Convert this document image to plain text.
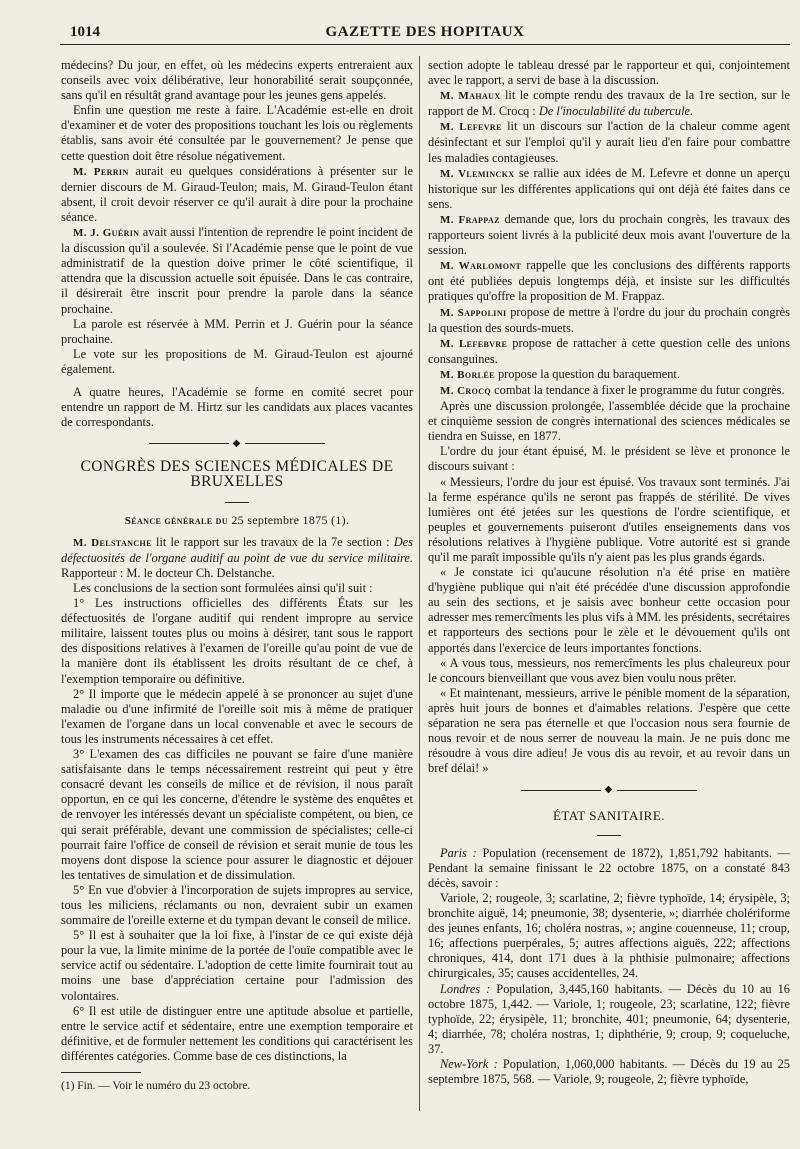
1014	GAZETTE DES HOPITAUX

médecins? Du jour, en effet, où les médecins experts entreraient aux conseils avec voix délibérative, leur honorabilité serait soupçonnée, sans qu'il en résultât grand avantage pour les jeunes gens appelés.

Enfin une question me reste à faire. L'Académie est-elle en droit d'examiner et de voter des propositions touchant les lois ou règlements établis, sans avoir été consultée par le gouvernement? Je pense que cette question doit être résolue négativement.

M. Perrin aurait eu quelques considérations à présenter sur le dernier discours de M. Giraud-Teulon; mais, M. Giraud-Teulon étant absent, il croit devoir réserver ce qu'il aurait à dire pour la prochaine séance.

M. J. Guérin avait aussi l'intention de reprendre le point incident de la discussion qu'il a soulevée. Si l'Académie pense que le point de vue administratif de la question doive primer le côté scientifique, il attendra que la discussion actuelle soit épuisée. Dans le cas contraire, il désirerait être inscrit pour prendre la parole dans la séance prochaine.

La parole est réservée à MM. Perrin et J. Guérin pour la séance prochaine.

Le vote sur les propositions de M. Giraud-Teulon est ajourné également.

A quatre heures, l'Académie se forme en comité secret pour entendre un rapport de M. Hirtz sur les candidats aux places vacantes de correspondants.

◆
CONGRÈS DES SCIENCES MÉDICALES DE BRUXELLES
Séance générale du 25 septembre 1875 (1).

M. Delstanche lit le rapport sur les travaux de la 7e section : Des défectuosités de l'organe auditif au point de vue du service militaire. Rapporteur : M. le docteur Ch. Delstanche.

Les conclusions de la section sont formulées ainsi qu'il suit :

1° Les instructions officielles des différents États sur les défectuosités de l'organe auditif qui rendent impropre au service militaire, laissent toutes plus ou moins à désirer, tant sous le rapport des dispositions relatives à l'examen de l'oreille qu'au point de vue de la manière dont ils établissent les droits résultant de ce chef, à l'exemption temporaire ou définitive.

2° Il importe que le médecin appelé à se prononcer au sujet d'une maladie ou d'une infirmité de l'oreille soit mis à même de pratiquer l'examen de l'organe dans un local convenable et avec le secours de tous les instruments nécessaires à cet effet.

3° L'examen des cas difficiles ne pouvant se faire d'une manière satisfaisante dans le temps nécessairement restreint qui peut y être consacré devant les conseils de milice et de révision, il nous paraît opportun, en ce qui les concerne, d'étendre le système des enquêtes et de renvoyer les intéressés devant un spécialiste compétent, ou bien, ce qui serait préférable, devant une commission de spécialistes; celle-ci pourrait faire l'office de conseil de révision et serait munie de tous les moyens dont dispose la science pour assurer le diagnostic et déjouer les tentatives de simulation et de dissimulation.

5° En vue d'obvier à l'incorporation de sujets impropres au service, tous les miliciens, réclamants ou non, devraient subir un examen sommaire de l'oreille externe et du tympan devant le conseil de milice.

5° Il est à souhaiter que la loi fixe, à l'instar de ce qui existe déjà pour la vue, la limite minime de la portée de l'ouïe compatible avec le service actif ou sédentaire. L'adoption de cette limite fournirait tout au moins une base d'appréciation certaine pour l'admission des volontaires.

6° Il est utile de distinguer entre une aptitude absolue et partielle, entre le service actif et sédentaire, entre une exemption temporaire et définitive, et de formuler nettement les conditions qui caractérisent les différentes catégories. Comme base de ces distinctions, la

(1) Fin. — Voir le numéro du 23 octobre.

section adopte le tableau dressé par le rapporteur et qui, conjointement avec le rapport, a servi de base à la discussion.

M. Mahaux lit le compte rendu des travaux de la 1re section, sur le rapport de M. Crocq : De l'inoculabilité du tubercule.

M. Lefevre lit un discours sur l'action de la chaleur comme agent désinfectant et sur l'emploi qu'il y aurait lieu d'en faire pour combattre les maladies contagieuses.

M. Vleminckx se rallie aux idées de M. Lefevre et donne un aperçu historique sur les différentes applications qui ont déjà été faites dans ce sens.

M. Frappaz demande que, lors du prochain congrès, les travaux des rapporteurs soient livrés à la publicité deux mois avant l'ouverture de la session.

M. Warlomont rappelle que les conclusions des différents rapports ont été publiées depuis longtemps déjà, et insiste sur les difficultés pratiques qu'offre la proposition de M. Frappaz.

M. Sappolini propose de mettre à l'ordre du jour du prochain congrès la question des sourds-muets.

M. Lefebvre propose de rattacher à cette question celle des unions consanguines.

M. Borlée propose la question du baraquement.

M. Crocq combat la tendance à fixer le programme du futur congrès.

Après une discussion prolongée, l'assemblée décide que la prochaine et cinquième session de congrès international des sciences médicales se tiendra en Suisse, en 1877.

L'ordre du jour étant épuisé, M. le président se lève et prononce le discours suivant :

« Messieurs, l'ordre du jour est épuisé. Vos travaux sont terminés. J'ai la ferme espérance qu'ils ne seront pas frappés de stérilité. De vives lumières ont été jetées sur les questions de l'ordre scientifique, et peuples et gouvernements puiseront d'utiles enseignements dans vos résolutions relatives à l'hygiène publique. Votre autorité est si grande qu'il me paraît impossible qu'ils n'y aient pas les plus grands égards.

« Je constate ici qu'aucune résolution n'a été prise en matière d'hygiène publique qui n'ait été précédée d'une discussion approfondie au sein des sections, et je saisis avec bonheur cette occasion pour adresser mes remercîments les plus vifs à MM. les présidents, secrétaires et rapporteurs des sections pour le zèle et le dévouement qu'ils ont apportés dans l'exercice de leurs importantes fonctions.

« A vous tous, messieurs, nos remercîments les plus chaleureux pour le concours bienveillant que vous avez bien voulu nous prêter.

« Et maintenant, messieurs, arrive le pénible moment de la séparation, après huit jours de bonnes et d'aimables relations. J'espère que cette séparation ne sera pas éternelle et que l'occasion nous sera fournie de nous revoir et de nous serrer de nouveau la main. Je ne puis donc me résoudre à vous dire adieu! Je vous dis au revoir, et au revoir dans un bref délai! »

◆
ÉTAT SANITAIRE.

Paris : Population (recensement de 1872), 1,851,792 habitants. — Pendant la semaine finissant le 22 octobre 1875, on a constaté 843 décès, savoir :

Variole, 2; rougeole, 3; scarlatine, 2; fièvre typhoïde, 14; érysipèle, 3; bronchite aiguë, 14; pneumonie, 38; dysenterie, »; diarrhée cholériforme des jeunes enfants, 16; choléra nostras, »; angine couenneuse, 11; croup, 16; affections puerpérales, 5; autres affections aiguës, 222; affections chroniques, 414, dont 171 dues à la phthisie pulmonaire; affections chirurgicales, 35; causes accidentelles, 24.

Londres : Population, 3,445,160 habitants. — Décès du 10 au 16 octobre 1875, 1,442. — Variole, 1; rougeole, 23; scarlatine, 122; fièvre typhoïde, 22; érysipèle, 11; bronchite, 401; pneumonie, 64; dysenterie, 4; diarrhée, 78; choléra nostras, 1; diphthérie, 9; croup, 9; coqueluche, 37.

New-York : Population, 1,060,000 habitants. — Décès du 19 au 25 septembre 1875, 568. — Variole, 9; rougeole, 2; fièvre typhoïde,
